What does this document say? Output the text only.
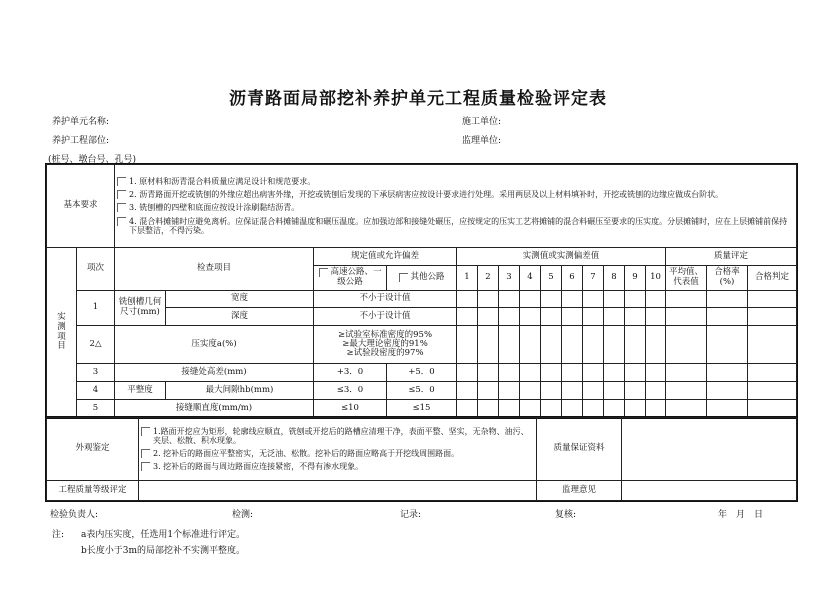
沥青路面局部挖补养护单元工程质量检验评定表
养护单元名称:	施工单位:
养护工程部位:	监理单位:
(桩号、墩台号、孔号)
基本要求		1. 原材料和沥青混合料质量应满足设计和规范要求。
2. 沥青路面开挖或铣刨的外缘应超出病害外缘，开挖或铣刨后发现的下承层病害应按设计要求进行处理。采用两层及以上材料填补时，开挖或铣刨的边缘应做成台阶状。
3. 铣刨槽的四壁和底面应按设计涂刷黏结沥青。
4. 混合料摊铺时应避免离析。应保证混合料摊铺温度和碾压温度。应加强边部和接缝处碾压，应按规定的压实工艺将摊铺的混合料碾压至要求的压实度。分层摊铺时，应在上层摊铺前保持下层整洁，不得污染。																

实测项目	项次	检查项目		规定值或允许偏差		实测值或实测偏差值										质量评定		
				高速公路、一级公路	其他公路	1	2	3	4	5	6	7	8	9	10	平均值、代表值	合格率(%)	合格判定
	1	铣刨槽几何尺寸(mm)	宽度	不小于设计值														
			深度	不小于设计值														
	2△	压实度a(%)		≥试验室标准密度的95%
≥最大理论密度的91%
≥试验段密度的97%														
	3	接缝处高差(mm)		+3．0	+5．0													
	4	平整度	最大间隙hb(mm)	≤3．0	≤5．0													
	5	接缝顺直度(mm/m)		≤10	≤15													
外观鉴定	1.路面开挖应为矩形，轮廓线应顺直，铣刨或开挖后的路槽应清理干净，表面平整、坚实，无杂物、油污、夹层、松散、积水现象。
2. 挖补后的路面应平整密实，无泛油、松散。挖补后的路面应略高于开挖线周围路面。
3. 挖补后的路面与周边路面应连接紧密，不得有渗水现象。	质量保证资料	
工程质量等级评定		监理意见	
检验负责人:	检测:	记录:	复核:	年　月　日
注: a表内压实度，任选用1个标准进行评定。
b长度小于3m的局部挖补不实测平整度。
